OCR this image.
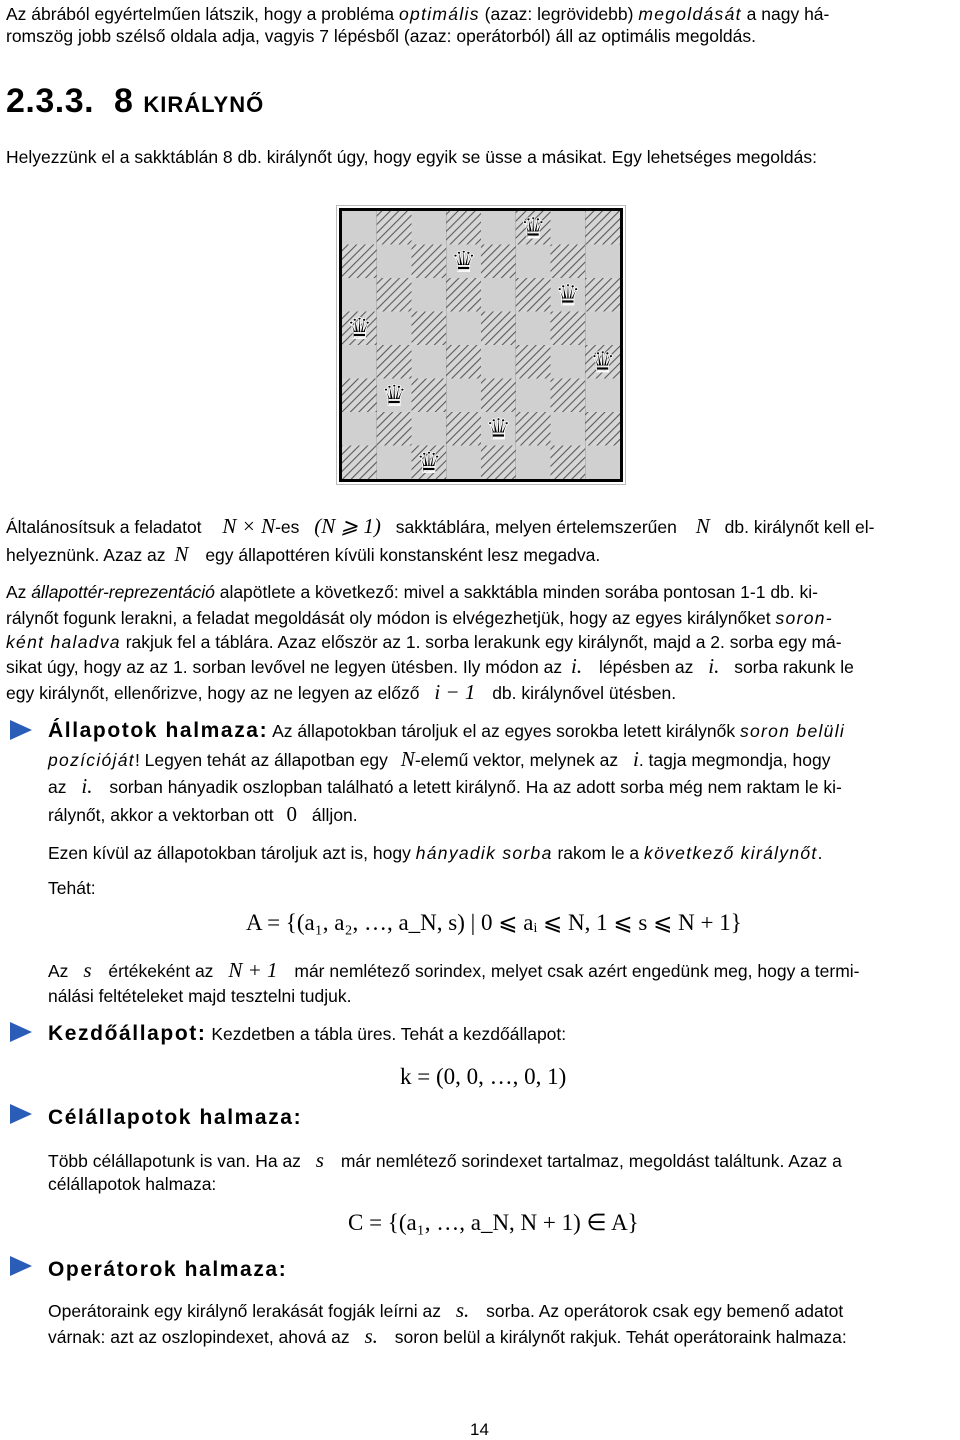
Az ábrából egyértelműen látszik, hogy a probléma optimális (azaz: legrövidebb) megoldását a nagy há-
romszög jobb szélső oldala adja, vagyis 7 lépésből (azaz: operátorból) áll az optimális megoldás.
2.3.3. 8 KIRÁLYNŐ
Helyezzünk el a sakktáblán 8 db. királynőt úgy, hogy egyik se üsse a másikat. Egy lehetséges megoldás:
♛
♛
♛
♛
♛
♛
♛
♛
Általánosítsuk a feladatot N × N-es (N ⩾ 1) sakktáblára, melyen értelemszerűen N db. királynőt kell el-
helyeznünk. Azaz az N egy állapottéren kívüli konstansként lesz megadva.
Az állapottér-reprezentáció alapötlete a következő: mivel a sakktábla minden sorába pontosan 1-1 db. ki-
rálynőt fogunk lerakni, a feladat megoldását oly módon is elvégezhetjük, hogy az egyes királynőket soron-
ként haladva rakjuk fel a táblára. Azaz először az 1. sorba lerakunk egy királynőt, majd a 2. sorba egy má-
sikat úgy, hogy az az 1. sorban levővel ne legyen ütésben. Ily módon az i. lépésben az i. sorba rakunk le
egy királynőt, ellenőrizve, hogy az ne legyen az előző i − 1 db. királynővel ütésben.
Állapotok halmaza: Az állapotokban tároljuk el az egyes sorokba letett királynők soron belüli
pozícióját! Legyen tehát az állapotban egy N-elemű vektor, melynek az i. tagja megmondja, hogy
az i. sorban hányadik oszlopban található a letett királynő. Ha az adott sorba még nem raktam le ki-
rálynőt, akkor a vektorban ott 0 álljon.
Ezen kívül az állapotokban tároljuk azt is, hogy hányadik sorba rakom le a következő királynőt.
Tehát:
A = {(a₁, a₂, …, a_N, s) | 0 ⩽ aᵢ ⩽ N, 1 ⩽ s ⩽ N + 1}
Az s értékeként az N + 1 már nemlétező sorindex, melyet csak azért engedünk meg, hogy a termi-
nálási feltételeket majd tesztelni tudjuk.
Kezdőállapot: Kezdetben a tábla üres. Tehát a kezdőállapot:
k = (0, 0, …, 0, 1)
Célállapotok halmaza:
Több célállapotunk is van. Ha az s már nemlétező sorindexet tartalmaz, megoldást találtunk. Azaz a
célállapotok halmaza:
C = {(a₁, …, a_N, N + 1) ∈ A}
Operátorok halmaza:
Operátoraink egy királynő lerakását fogják leírni az s. sorba. Az operátorok csak egy bemenő adatot
várnak: azt az oszlopindexet, ahová az s. soron belül a királynőt rakjuk. Tehát operátoraink halmaza:
14
